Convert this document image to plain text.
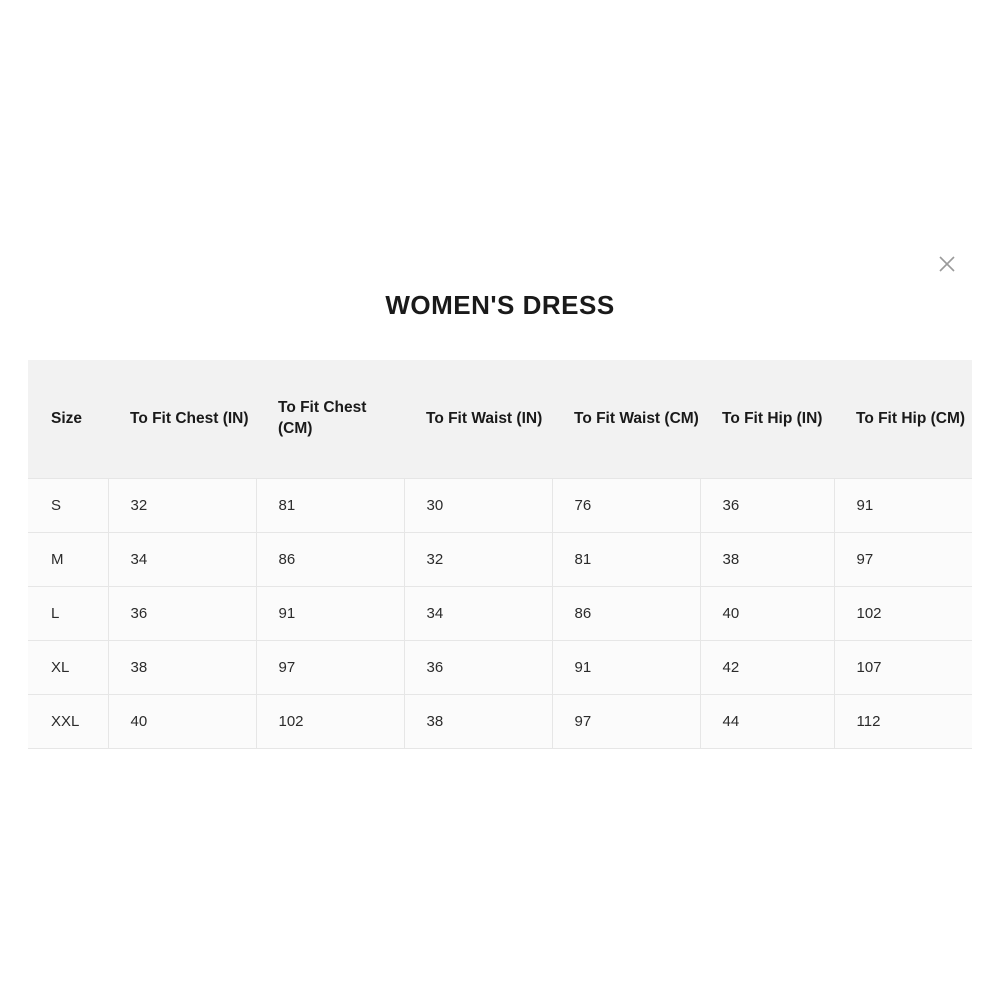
WOMEN'S DRESS
Size	To Fit Chest (IN)	To Fit Chest (CM)	To Fit Waist (IN)	To Fit Waist (CM)	To Fit Hip (IN)	To Fit Hip (CM)
S	32	81	30	76	36	91
M	34	86	32	81	38	97
L	36	91	34	86	40	102
XL	38	97	36	91	42	107
XXL	40	102	38	97	44	112
